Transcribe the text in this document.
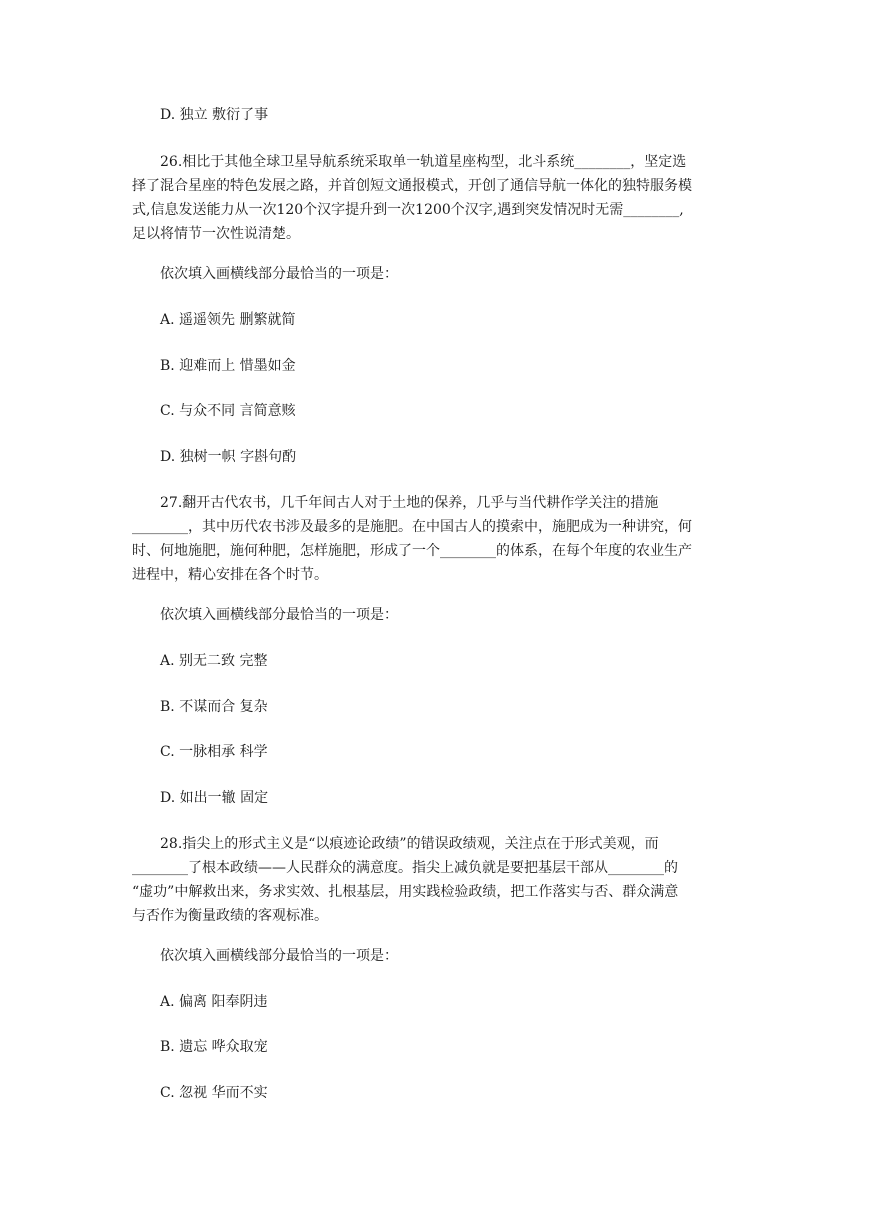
D. 独立 敷衍了事

26.相比于其他全球卫星导航系统采取单一轨道星座构型，北斗系统________，坚定选
择了混合星座的特色发展之路，并首创短文通报模式，开创了通信导航一体化的独特服务模
式,信息发送能力从一次120个汉字提升到一次1200个汉字,遇到突发情况时无需________,
足以将情节一次性说清楚。

依次填入画横线部分最恰当的一项是：

A. 遥遥领先 删繁就简

B. 迎难而上 惜墨如金

C. 与众不同 言简意赅

D. 独树一帜 字斟句酌

27.翻开古代农书，几千年间古人对于土地的保养，几乎与当代耕作学关注的措施
________，其中历代农书涉及最多的是施肥。在中国古人的摸索中，施肥成为一种讲究，何
时、何地施肥，施何种肥，怎样施肥，形成了一个________的体系，在每个年度的农业生产
进程中，精心安排在各个时节。

依次填入画横线部分最恰当的一项是：

A. 别无二致 完整

B. 不谋而合 复杂

C. 一脉相承 科学

D. 如出一辙 固定

28.指尖上的形式主义是“以痕迹论政绩”的错误政绩观，关注点在于形式美观，而
________了根本政绩——人民群众的满意度。指尖上减负就是要把基层干部从________的
“虚功”中解救出来，务求实效、扎根基层，用实践检验政绩，把工作落实与否、群众满意
与否作为衡量政绩的客观标准。

依次填入画横线部分最恰当的一项是：

A. 偏离 阳奉阴违

B. 遗忘 哗众取宠

C. 忽视 华而不实
